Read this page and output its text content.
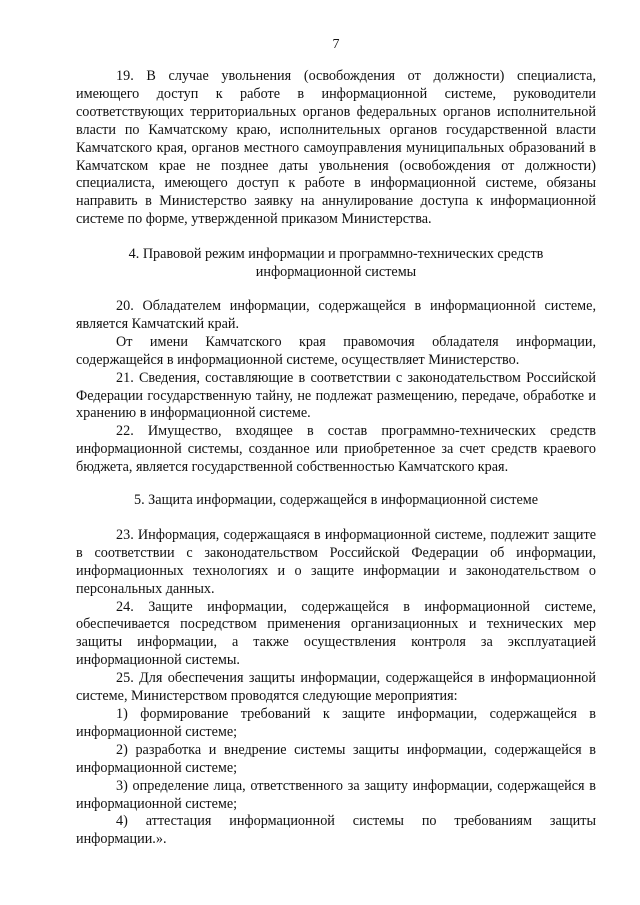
7

19. В случае увольнения (освобождения от должности) специалиста, имеющего доступ к работе в информационной системе, руководители соответствующих территориальных органов федеральных органов исполнительной власти по Камчатскому краю, исполнительных органов государственной власти Камчатского края, органов местного самоуправления муниципальных образований в Камчатском крае не позднее даты увольнения (освобождения от должности) специалиста, имеющего доступ к работе в информационной системе, обязаны направить в Министерство заявку на аннулирование доступа к информационной системе по форме, утвержденной приказом Министерства.

4. Правовой режим информации и программно-технических средств информационной системы

20. Обладателем информации, содержащейся в информационной системе, является Камчатский край.

От имени Камчатского края правомочия обладателя информации, содержащейся в информационной системе, осуществляет Министерство.

21. Сведения, составляющие в соответствии с законодательством Российской Федерации государственную тайну, не подлежат размещению, передаче, обработке и хранению в информационной системе.

22. Имущество, входящее в состав программно-технических средств информационной системы, созданное или приобретенное за счет средств краевого бюджета, является государственной собственностью Камчатского края.

5. Защита информации, содержащейся в информационной системе

23. Информация, содержащаяся в информационной системе, подлежит защите в соответствии с законодательством Российской Федерации об информации, информационных технологиях и о защите информации и законодательством о персональных данных.

24. Защите информации, содержащейся в информационной системе, обеспечивается посредством применения организационных и технических мер защиты информации, а также осуществления контроля за эксплуатацией информационной системы.

25. Для обеспечения защиты информации, содержащейся в информационной системе, Министерством проводятся следующие мероприятия:

1) формирование требований к защите информации, содержащейся в информационной системе;

2) разработка и внедрение системы защиты информации, содержащейся в информационной системе;

3) определение лица, ответственного за защиту информации, содержащейся в информационной системе;

4) аттестация информационной системы по требованиям защиты информации.».
